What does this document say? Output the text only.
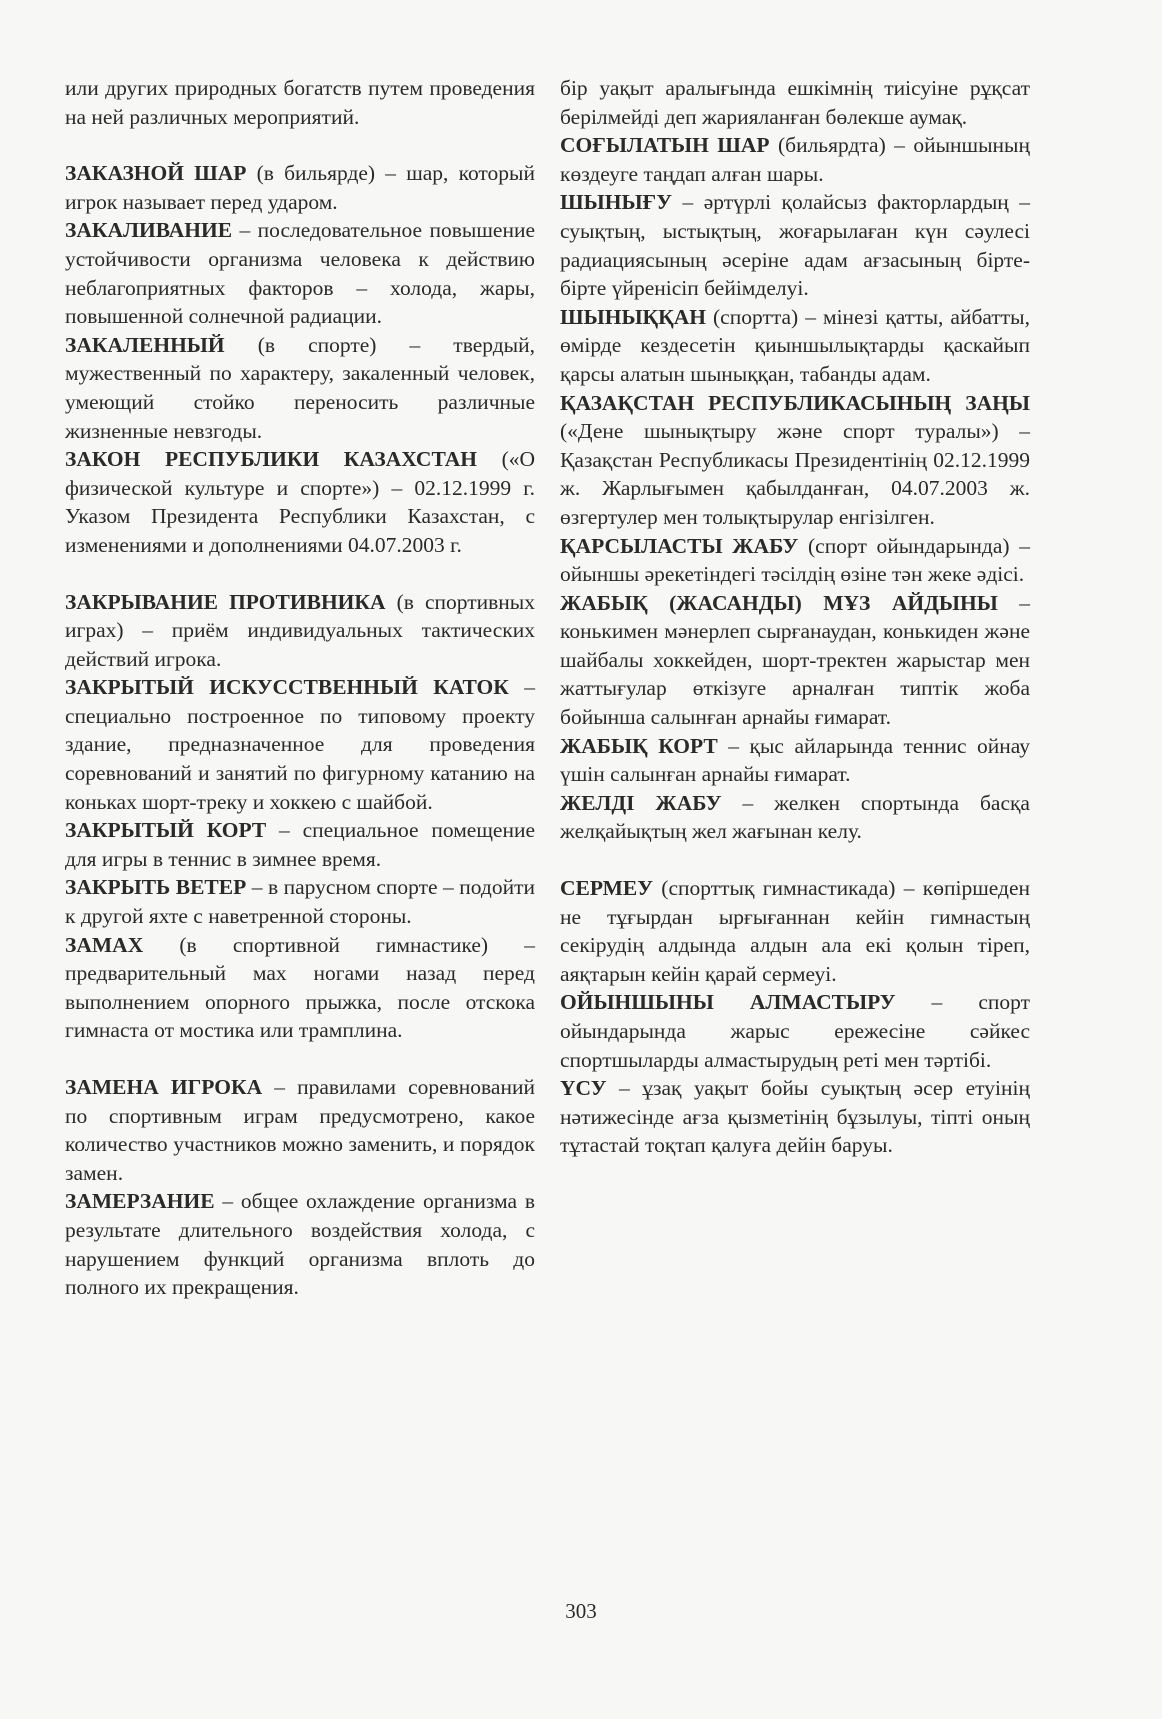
или других природных богатств путем проведения на ней различных мероприятий.

ЗАКАЗНОЙ ШАР (в бильярде) – шар, который игрок называет перед ударом.

ЗАКАЛИВАНИЕ – последовательное повышение устойчивости организма человека к действию неблагоприятных факторов – холода, жары, повышенной солнечной радиации.

ЗАКАЛЕННЫЙ (в спорте) – твердый, мужественный по характеру, закаленный человек, умеющий стойко переносить различные жизненные невзгоды.

ЗАКОН РЕСПУБЛИКИ КАЗАХСТАН («О физической культуре и спорте») – 02.12.1999 г. Указом Президента Республики Казахстан, с изменениями и дополнениями 04.07.2003 г.

ЗАКРЫВАНИЕ ПРОТИВНИКА (в спортивных играх) – приём индивидуальных тактических действий игрока.

ЗАКРЫТЫЙ ИСКУССТВЕННЫЙ КАТОК – специально построенное по типовому проекту здание, предназначенное для проведения соревнований и занятий по фигурному катанию на коньках шорт-треку и хоккею с шайбой.

ЗАКРЫТЫЙ КОРТ – специальное помещение для игры в теннис в зимнее время.

ЗАКРЫТЬ ВЕТЕР – в парусном спорте – подойти к другой яхте с наветренной стороны.

ЗАМАХ (в спортивной гимнастике) – предварительный мах ногами назад перед выполнением опорного прыжка, после отскока гимнаста от мостика или трамплина.

ЗАМЕНА ИГРОКА – правилами соревнований по спортивным играм предусмотрено, какое количество участников можно заменить, и порядок замен.

ЗАМЕРЗАНИЕ – общее охлаждение организма в результате длительного воздействия холода, с нарушением функций организма вплоть до полного их прекращения.

бір уақыт аралығында ешкімнің тиісуіне рұқсат берілмейді деп жарияланған бөлекше аумақ.

СОҒЫЛАТЫН ШАР (бильярдта) – ойыншының көздеуге таңдап алған шары.

ШЫНЫҒУ – әртүрлі қолайсыз факторлардың – суықтың, ыстықтың, жоғарылаған күн сәулесі радиациясының әсеріне адам ағзасының бірте-бірте үйренісіп бейімделуі.

ШЫНЫҚҚАН (спортта) – мінезі қатты, айбатты, өмірде кездесетін қиыншылықтарды қаскайып қарсы алатын шыныққан, табанды адам.

ҚАЗАҚСТАН РЕСПУБЛИКАСЫНЫҢ ЗАҢЫ («Дене шынықтыру және спорт туралы») – Қазақстан Республикасы Президентінің 02.12.1999 ж. Жарлығымен қабылданған, 04.07.2003 ж. өзгертулер мен толықтырулар енгізілген.

ҚАРСЫЛАСТЫ ЖАБУ (спорт ойындарында) – ойыншы әрекетіндегі тәсілдің өзіне тән жеке әдісі.

ЖАБЫҚ (ЖАСАНДЫ) МҰЗ АЙДЫНЫ – конькимен мәнерлеп сырғанаудан, конькиден және шайбалы хоккейден, шорт-тректен жарыстар мен жаттығулар өткізуге арналған типтік жоба бойынша салынған арнайы ғимарат.

ЖАБЫҚ КОРТ – қыс айларында теннис ойнау үшін салынған арнайы ғимарат.

ЖЕЛДІ ЖАБУ – желкен спортында басқа желқайықтың жел жағынан келу.

СЕРМЕУ (спорттық гимнастикада) – көпіршеден не тұғырдан ырғығаннан кейін гимнастың секірудің алдында алдын ала екі қолын тіреп, аяқтарын кейін қарай сермеуі.

ОЙЫНШЫНЫ АЛМАСТЫРУ – спорт ойындарында жарыс ережесіне сәйкес спортшыларды алмастырудың реті мен тәртібі.

ҮСУ – ұзақ уақыт бойы суықтың әсер етуінің нәтижесінде ағза қызметінің бұзылуы, тіпті оның тұтастай тоқтап қалуға дейін баруы.

303
